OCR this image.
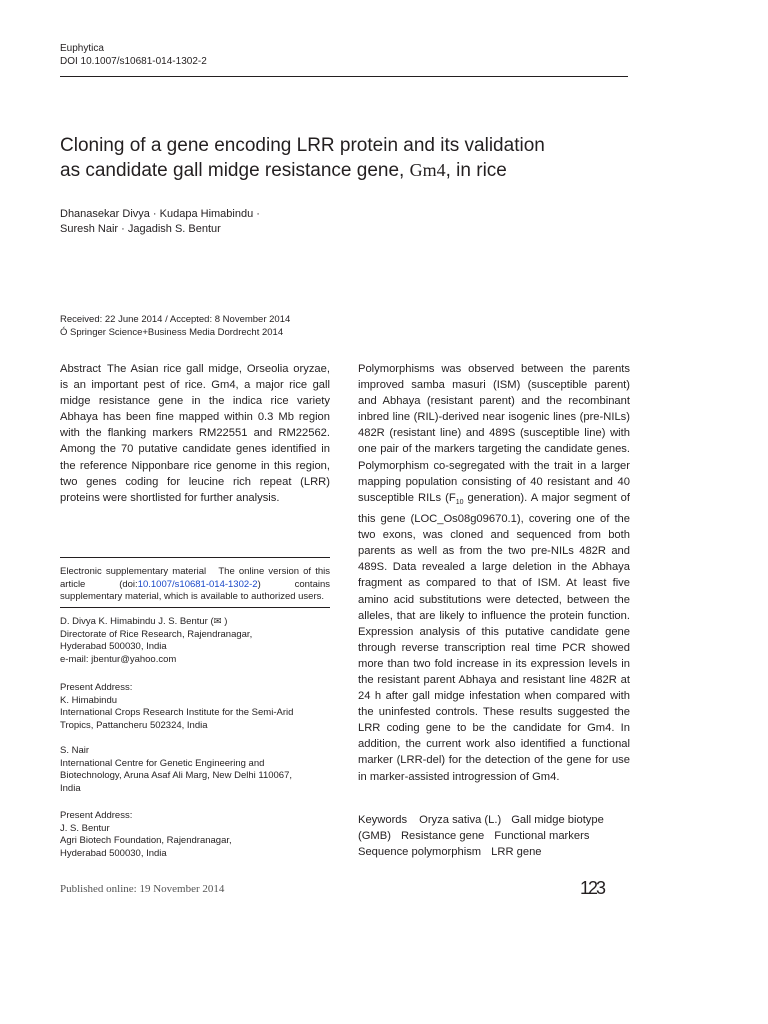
Euphytica
DOI 10.1007/s10681-014-1302-2
Cloning of a gene encoding LRR protein and its validation
as candidate gall midge resistance gene, Gm4, in rice
Dhanasekar Divya · Kudapa Himabindu ·
Suresh Nair · Jagadish S. Bentur
Received: 22 June 2014 / Accepted: 8 November 2014
Ó Springer Science+Business Media Dordrecht 2014
Abstract The Asian rice gall midge, Orseolia oryzae, is an important pest of rice. Gm4, a major rice gall midge resistance gene in the indica rice variety Abhaya has been fine mapped within 0.3 Mb region with the flanking markers RM22551 and RM22562. Among the 70 putative candidate genes identified in the reference Nipponbare rice genome in this region, two genes coding for leucine rich repeat (LRR) proteins were shortlisted for further analysis.
Electronic supplementary material The online version of this article (doi:10.1007/s10681-014-1302-2) contains supplementary material, which is available to authorized users.
D. Divya K. Himabindu J. S. Bentur (✉ )
Directorate of Rice Research, Rajendranagar,
Hyderabad 500030, India
e-mail: jbentur@yahoo.com
Present Address:
K. Himabindu
International Crops Research Institute for the Semi-Arid
Tropics, Pattancheru 502324, India
S. Nair
International Centre for Genetic Engineering and
Biotechnology, Aruna Asaf Ali Marg, New Delhi 110067,
India
Present Address:
J. S. Bentur
Agri Biotech Foundation, Rajendranagar,
Hyderabad 500030, India
Polymorphisms was observed between the parents improved samba masuri (ISM) (susceptible parent) and Abhaya (resistant parent) and the recombinant inbred line (RIL)-derived near isogenic lines (pre-NILs) 482R (resistant line) and 489S (susceptible line) with one pair of the markers targeting the candidate genes. Polymorphism co-segregated with the trait in a larger mapping population consisting of 40 resistant and 40 susceptible RILs ($F_{10}$ generation). A major segment of this gene (LOC_Os08g09670.1), covering one of the two exons, was cloned and sequenced from both parents as well as from the two pre-NILs 482R and 489S. Data revealed a large deletion in the Abhaya fragment as compared to that of ISM. At least five amino acid substitutions were detected, between the alleles, that are likely to influence the protein function. Expression analysis of this putative candidate gene through reverse transcription real time PCR showed more than two fold increase in its expression levels in the resistant parent Abhaya and resistant line 482R at 24 h after gall midge infestation when compared with the uninfested controls. These results suggested the LRR coding gene to be the candidate for Gm4. In addition, the current work also identified a functional marker (LRR-del) for the detection of the gene for use in marker-assisted introgression of Gm4.
Keywords Oryza sativa (L.) Gall midge biotype (GMB) Resistance gene Functional markers
Sequence polymorphism LRR gene
Published online: 19 November 2014	123
